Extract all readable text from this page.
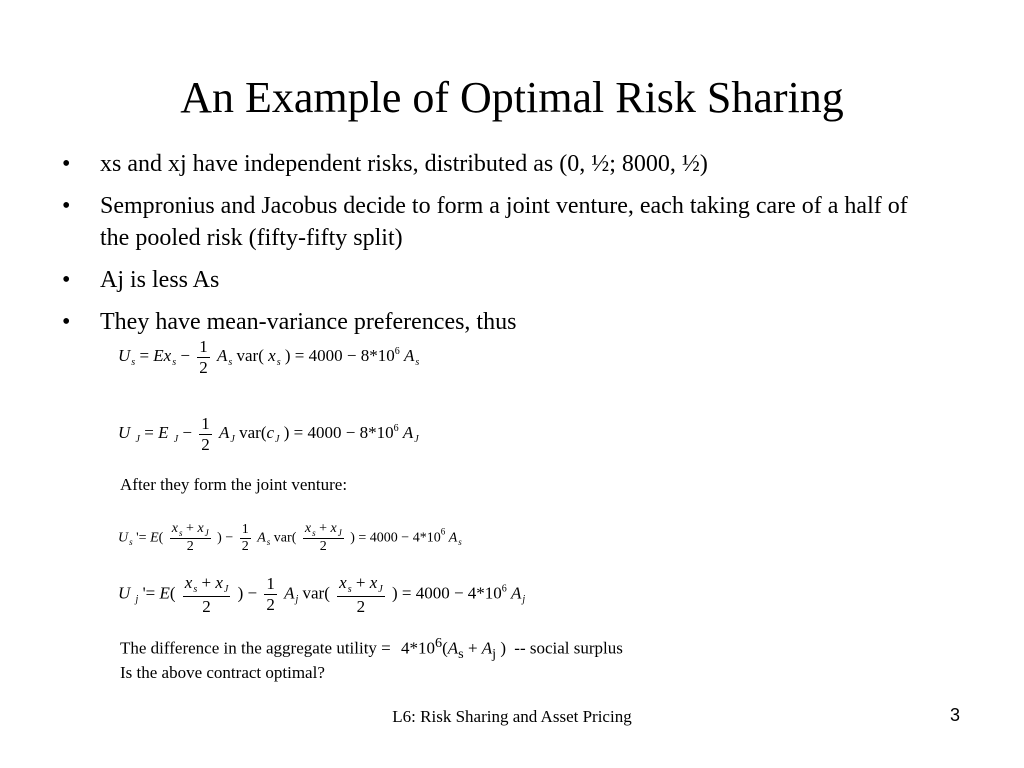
An Example of Optimal Risk Sharing
• xs and xj have independent risks, distributed as (0, ½; 8000, ½)
• Sempronius and Jacobus decide to form a joint venture, each taking care of a half of the pooled risk (fifty-fifty split)
• Aj is less As
• They have mean-variance preferences, thus
$U_s = Ex_s - \frac{1}{2} A_s$ var( $x_s$ ) = $4000 - 8*10^6$ $A_s$
U $_J$ = E $_J - \frac{1}{2} A_J$ $var(c_J$ ) = $4000 - 8*10^6$ $A_J$
After they form the joint venture:
$U_s$ '= $E( \frac{x_s + x_J}{2}$ ) − $\frac{1}{2} A_s$ $var( \frac{x_s + x_J}{2}$ ) = $4000 - 4*10^6$ $A_s$
U $_j$ '= $E( \frac{x_s + x_J}{2}$ ) − $\frac{1}{2} A_j$ $var( \frac{x_s + x_J}{2}$ ) = $4000 - 4*10^6$ $A_j$
The difference in the aggregate utility = $4*10^6(A_s + A_j$ ) -- social surplus
Is the above contract optimal?
L6: Risk Sharing and Asset Pricing	3
